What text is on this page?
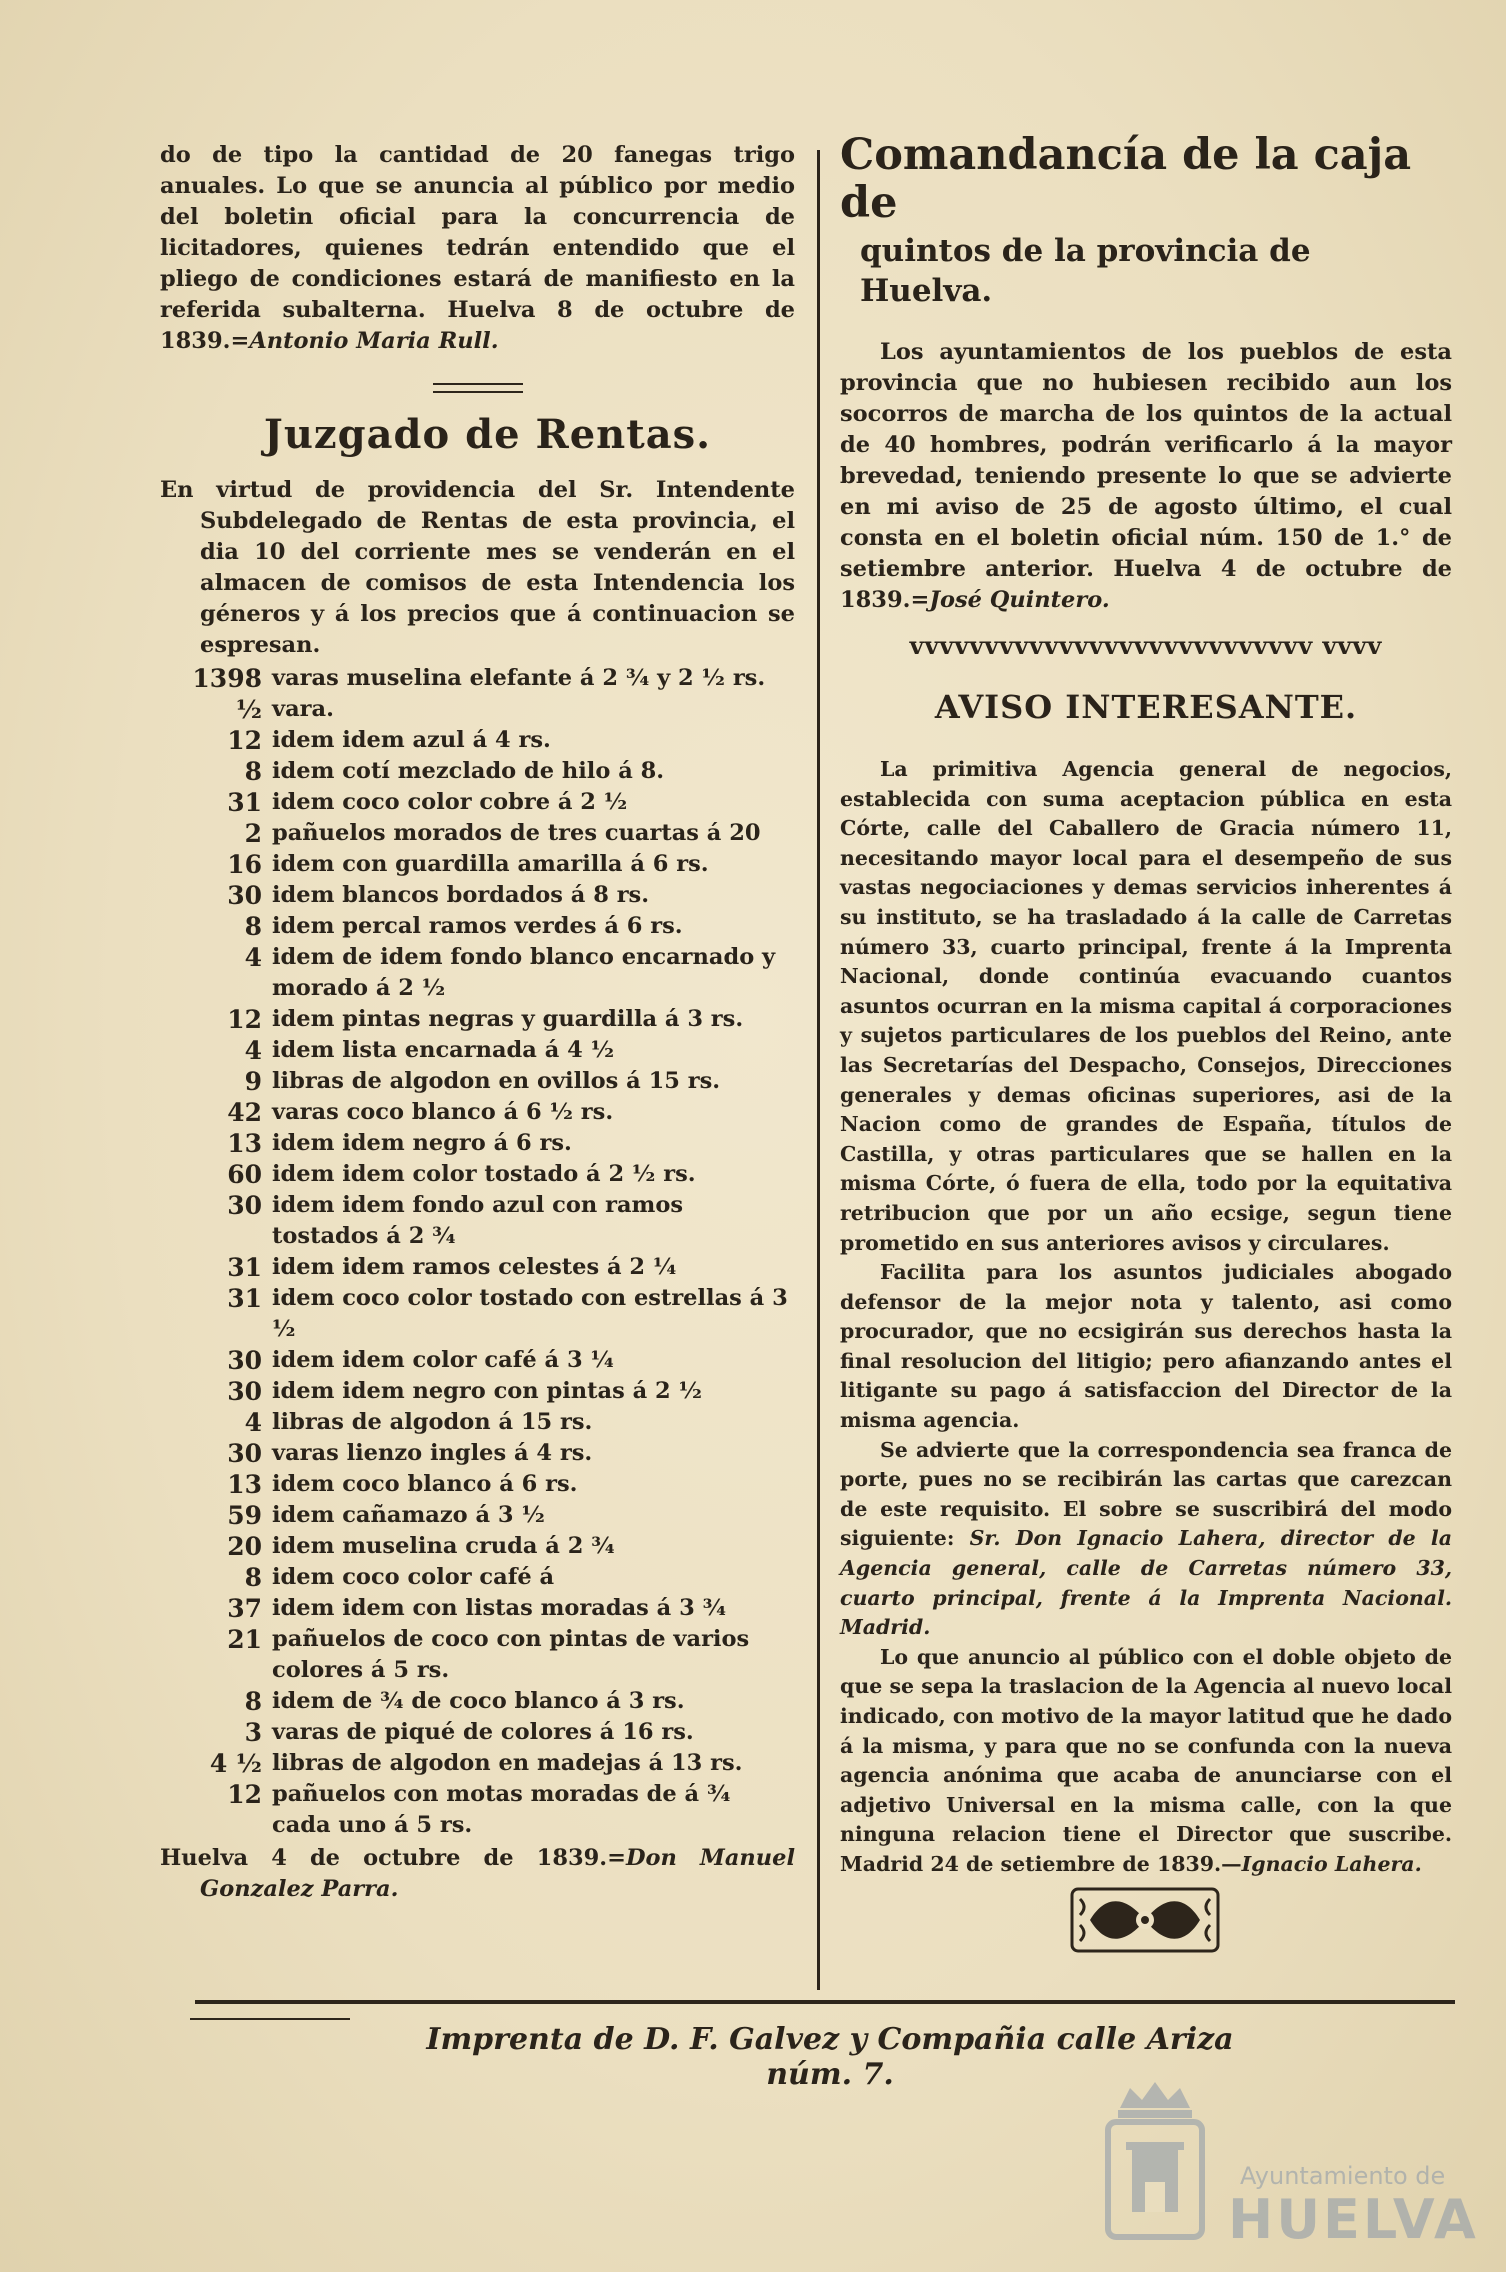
do de tipo la cantidad de 20 fanegas trigo anuales. Lo que se anuncia al público por medio del boletin oficial para la concurrencia de licitadores, quienes tedrán entendido que el pliego de condiciones estará de manifiesto en la referida subalterna. Huelva 8 de octubre de 1839.=Antonio Maria Rull.

Juzgado de Rentas.

En virtud de providencia del Sr. Intendente Subdelegado de Rentas de esta provincia, el dia 10 del corriente mes se venderán en el almacen de comisos de esta Intendencia los géneros y á los precios que á continuacion se espresan.

1398 ½
varas muselina elefante á 2 ¾ y 2 ½ rs. vara.
12 idem idem azul á 4 rs.
8 idem cotí mezclado de hilo á 8.
31 idem coco color cobre á 2 ½
2 pañuelos morados de tres cuartas á 20
16 idem con guardilla amarilla á 6 rs.
30 idem blancos bordados á 8 rs.
8 idem percal ramos verdes á 6 rs.
4 idem de idem fondo blanco encarnado y morado á 2 ½
12 idem pintas negras y guardilla á 3 rs.
4 idem lista encarnada á 4 ½
9 libras de algodon en ovillos á 15 rs.
42 varas coco blanco á 6 ½ rs.
13 idem idem negro á 6 rs.
60 idem idem color tostado á 2 ½ rs.
30 idem idem fondo azul con ramos tostados á 2 ¾
31 idem idem ramos celestes á 2 ¼
31 idem coco color tostado con estrellas á 3 ½
30 idem idem color café á 3 ¼
30 idem idem negro con pintas á 2 ½
4 libras de algodon á 15 rs.
30 varas lienzo ingles á 4 rs.
13 idem coco blanco á 6 rs.
59 idem cañamazo á 3 ½
20 idem muselina cruda á 2 ¾
8 idem coco color café á
37 idem idem con listas moradas á 3 ¾
21 pañuelos de coco con pintas de varios colores á 5 rs.
8 idem de ¾ de coco blanco á 3 rs.
3 varas de piqué de colores á 16 rs.
4 ½ libras de algodon en madejas á 13 rs.
12 pañuelos con motas moradas de á ¾ cada uno á 5 rs.

Huelva 4 de octubre de 1839.=Don Manuel Gonzalez Parra.

Comandancía de la caja de
quintos de la provincia de Huelva.

Los ayuntamientos de los pueblos de esta provincia que no hubiesen recibido aun los socorros de marcha de los quintos de la actual de 40 hombres, podrán verificarlo á la mayor brevedad, teniendo presente lo que se advierte en mi aviso de 25 de agosto último, el cual consta en el boletin oficial núm. 150 de 1.° de setiembre anterior. Huelva 4 de octubre de 1839.=José Quintero.

vvvvvvvvvvvvvvvvvvvvvvvvvvv vvvv
AVISO INTERESANTE.

La primitiva Agencia general de negocios, establecida con suma aceptacion pública en esta Córte, calle del Caballero de Gracia número 11, necesitando mayor local para el desempeño de sus vastas negociaciones y demas servicios inherentes á su instituto, se ha trasladado á la calle de Carretas número 33, cuarto principal, frente á la Imprenta Nacional, donde continúa evacuando cuantos asuntos ocurran en la misma capital á corporaciones y sujetos particulares de los pueblos del Reino, ante las Secretarías del Despacho, Consejos, Direcciones generales y demas oficinas superiores, asi de la Nacion como de grandes de España, títulos de Castilla, y otras particulares que se hallen en la misma Córte, ó fuera de ella, todo por la equitativa retribucion que por un año ecsige, segun tiene prometido en sus anteriores avisos y circulares.

Facilita para los asuntos judiciales abogado defensor de la mejor nota y talento, asi como procurador, que no ecsigirán sus derechos hasta la final resolucion del litigio; pero afianzando antes el litigante su pago á satisfaccion del Director de la misma agencia.

Se advierte que la correspondencia sea franca de porte, pues no se recibirán las cartas que carezcan de este requisito. El sobre se suscribirá del modo siguiente: Sr. Don Ignacio Lahera, director de la Agencia general, calle de Carretas número 33, cuarto principal, frente á la Imprenta Nacional. Madrid.

Lo que anuncio al público con el doble objeto de que se sepa la traslacion de la Agencia al nuevo local indicado, con motivo de la mayor latitud que he dado á la misma, y para que no se confunda con la nueva agencia anónima que acaba de anunciarse con el adjetivo Universal en la misma calle, con la que ninguna relacion tiene el Director que suscribe. Madrid 24 de setiembre de 1839.—Ignacio Lahera.

Imprenta de D. F. Galvez y Compañia calle Ariza núm. 7.
Ayuntamiento de
HUELVA
